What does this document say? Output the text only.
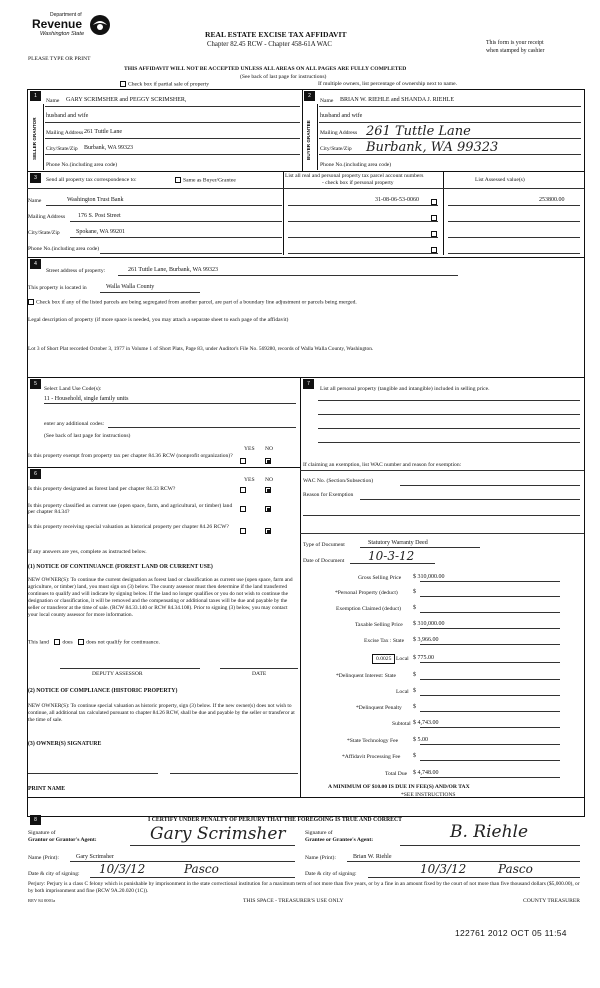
Department of
Revenue
Washington State	REAL ESTATE EXCISE TAX AFFIDAVIT
Chapter 82.45 RCW - Chapter 458-61A WAC	This form is your receipt
when stamped by cashier
PLEASE TYPE OR PRINT
THIS AFFIDAVIT WILL NOT BE ACCEPTED UNLESS ALL AREAS ON ALL PAGES ARE FULLY COMPLETED
(See back of last page for instructions)
Check box if partial sale of property	If multiple owners, list percentage of ownership next to name.
1	2
SELLER GRANTOR	BUYER GRANTEE
Name GARY SCRIMSHER and PEGGY SCRIMSHER,
husband and wife
Mailing Address 261 Tuttle Lane
City/State/Zip Burbank, WA 99323
Phone No.(including area code)
Name BRIAN W. RIEHLE and SHANDA J. RIEHLE
husband and wife
Mailing Address 261 Tuttle Lane
City/State/Zip Burbank, WA 99323
Phone No.(including area code)
3	Send all property tax correspondence to:	Same as Buyer/Grantee
List all real and personal property tax parcel account numbers
- check box if personal property	List Assessed value(s)
Name	Washington Trust Bank	31-08-06-53-0060	253800.00
Mailing Address 176 S. Post Street
City/State/Zip	Spokane, WA 99201
Phone No.(including area code)
4
Street address of property:	261 Tuttle Lane, Burbank, WA 99323
This property is located in	Walla Walla County
Check box if any of the listed parcels are being segregated from another parcel, are part of a boundary line adjustment or parcels being merged.
Legal description of property (if more space is needed, you may attach a separate sheet to each page of the affidavit)
Lot 3 of Short Plat recorded October 3, 1977 in Volume 1 of Short Plats, Page 83, under Auditor's File No. 569280, records of Walla Walla County, Washington.
5
Select Land Use Code(s):
11 - Household, single family units
enter any additional codes:
(See back of last page for instructions)
YES NO
Is this property exempt from property tax per chapter 84.36 RCW (nonprofit organization)?
7
List all personal property (tangible and intangible) included in selling price.
6
YES NO
Is this property designated as forest land per chapter 84.33 RCW?
Is this property classified as current use (open space, farm, and agricultural, or timber) land per chapter 84.34?
Is this property receiving special valuation as historical property per chapter 84.26 RCW?
If any answers are yes, complete as instructed below.
(1) NOTICE OF CONTINUANCE (FOREST LAND OR CURRENT USE)
NEW OWNER(S): To continue the current designation as forest land or classification as current use (open space, farm and agriculture, or timber) land, you must sign on (3) below. The county assessor must then determine if the land transferred continues to qualify and will indicate by signing below. If the land no longer qualifies or you do not wish to continue the designation or classification, it will be removed and the compensating or additional taxes will be due and payable by the seller or transferor at the time of sale. (RCW 84.33.140 or RCW 84.34.108). Prior to signing (3) below, you may contact your local county assessor for more information.
This land does does not qualify for continuance.
DEPUTY ASSESSOR	DATE
(2) NOTICE OF COMPLIANCE (HISTORIC PROPERTY)
NEW OWNER(S): To continue special valuation as historic property, sign (3) below. If the new owner(s) does not wish to continue, all additional tax calculated pursuant to chapter 84.26 RCW, shall be due and payable by the seller or transferor at the time of sale.
(3) OWNER(S) SIGNATURE
PRINT NAME
If claiming an exemption, list WAC number and reason for exemption:
WAC No. (Section/Subsection)
Reason for Exemption
Type of Document	Statutory Warranty Deed
Date of Document 10-3-12
Gross Selling Price $ 310,000.00
*Personal Property (deduct)	$
Exemption Claimed (deduct) $
Taxable Selling Price $ 310,000.00
Excise Tax : State $ 3,966.00
0.0025 Local $ 775.00
*Delinquent Interest: State	$
Local $
*Delinquent Penalty $
Subtotal $ 4,743.00
*State Technology Fee $ 5.00
*Affidavit Processing Fee $
Total Due $ 4,748.00
A MINIMUM OF $10.00 IS DUE IN FEE(S) AND/OR TAX
*SEE INSTRUCTIONS
8	I CERTIFY UNDER PENALTY OF PERJURY THAT THE FOREGOING IS TRUE AND CORRECT
Signature of
Grantor or Grantor's Agent:	Gary Scrimsher
Name (Print):	Gary Scrimsher
Date & city of signing: 10/3/12	Pasco
Signature of
Grantee or Grantee's Agent:	B. Riehle
Name (Print):	Brian W. Riehle
Date & city of signing:	10/3/12	Pasco
Perjury: Perjury is a class C felony which is punishable by imprisonment in the state correctional institution for a maximum term of not more than five years, or by a fine in an amount fixed by the court of not more than five thousand dollars ($5,000.00), or by both imprisonment and fine (RCW 9A.20.020 (1C)).
REV 84 0001a	THIS SPACE - TREASURER'S USE ONLY	COUNTY TREASURER
122761 2012 OCT 05 11:54
